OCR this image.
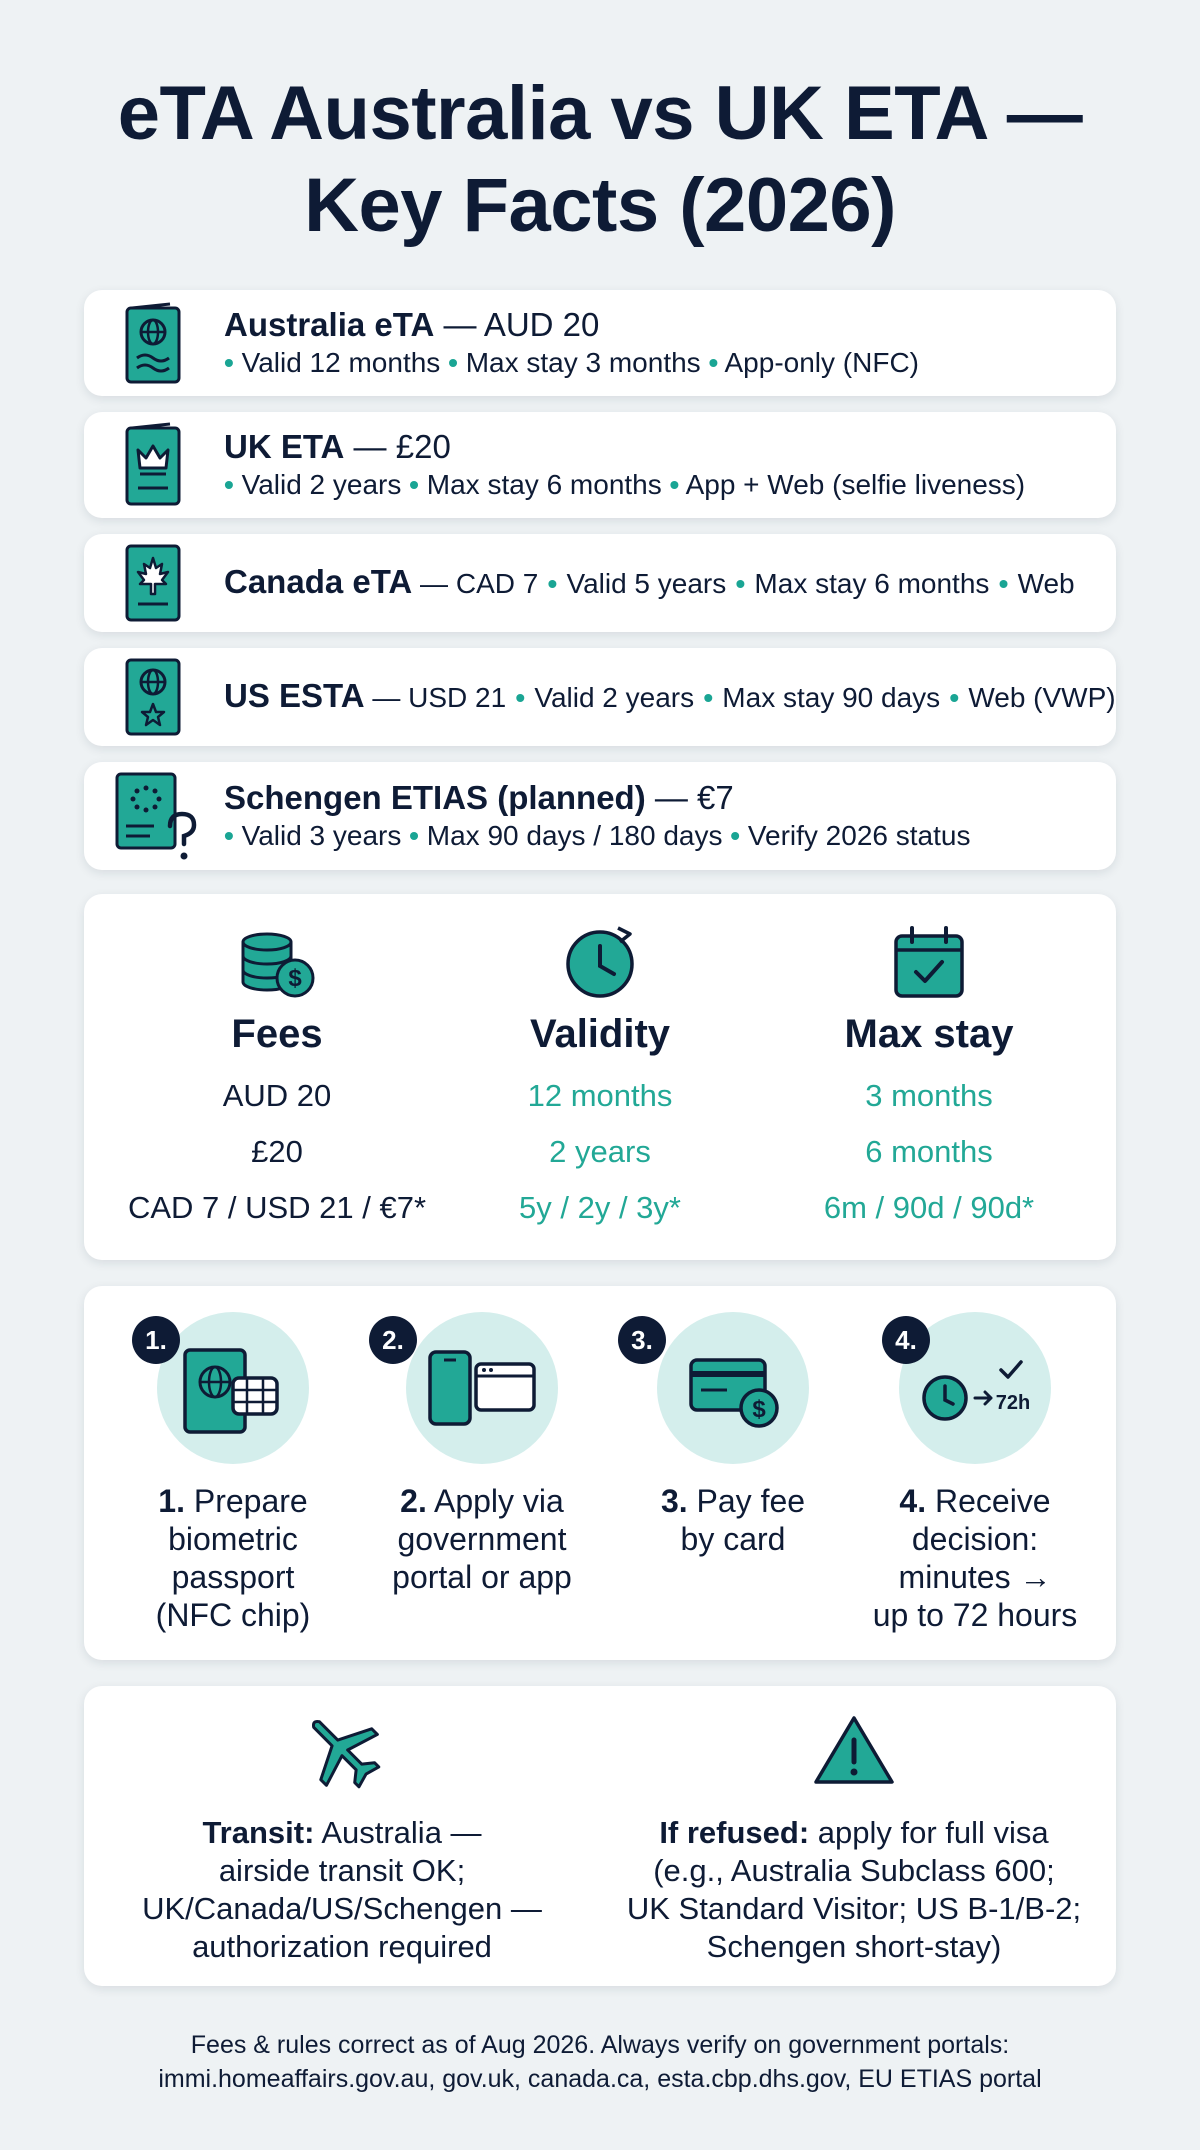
eTA Australia vs UK ETA —
Key Facts (2026)
Australia eTA — AUD 20
• Valid 12 months • Max stay 3 months • App-only (NFC)
UK ETA — £20
• Valid 2 years • Max stay 6 months • App + Web (selfie liveness)
Canada eTA — CAD 7 • Valid 5 years • Max stay 6 months • Web
US ESTA — USD 21 • Valid 2 years • Max stay 90 days • Web (VWP)
Schengen ETIAS (planned) — €7
• Valid 3 years • Max 90 days / 180 days • Verify 2026 status
$
Fees
AUD 20
£20
CAD 7 / USD 21 / €7*
Validity
12 months
2 years
5y / 2y / 3y*
Max stay
3 months
6 months
6m / 90d / 90d*
1.
1. Prepare
biometric
passport
(NFC chip)
2.
2. Apply via
government
portal or app
$
3.
3. Pay fee
by card
72h
4.
4. Receive
decision:
minutes →
up to 72 hours
Transit: Australia —
airside transit OK;
UK/Canada/US/Schengen —
authorization required
If refused: apply for full visa
(e.g., Australia Subclass 600;
UK Standard Visitor; US B-1/B-2;
Schengen short-stay)
Fees & rules correct as of Aug 2026. Always verify on government portals:
immi.homeaffairs.gov.au, gov.uk, canada.ca, esta.cbp.dhs.gov, EU ETIAS portal
